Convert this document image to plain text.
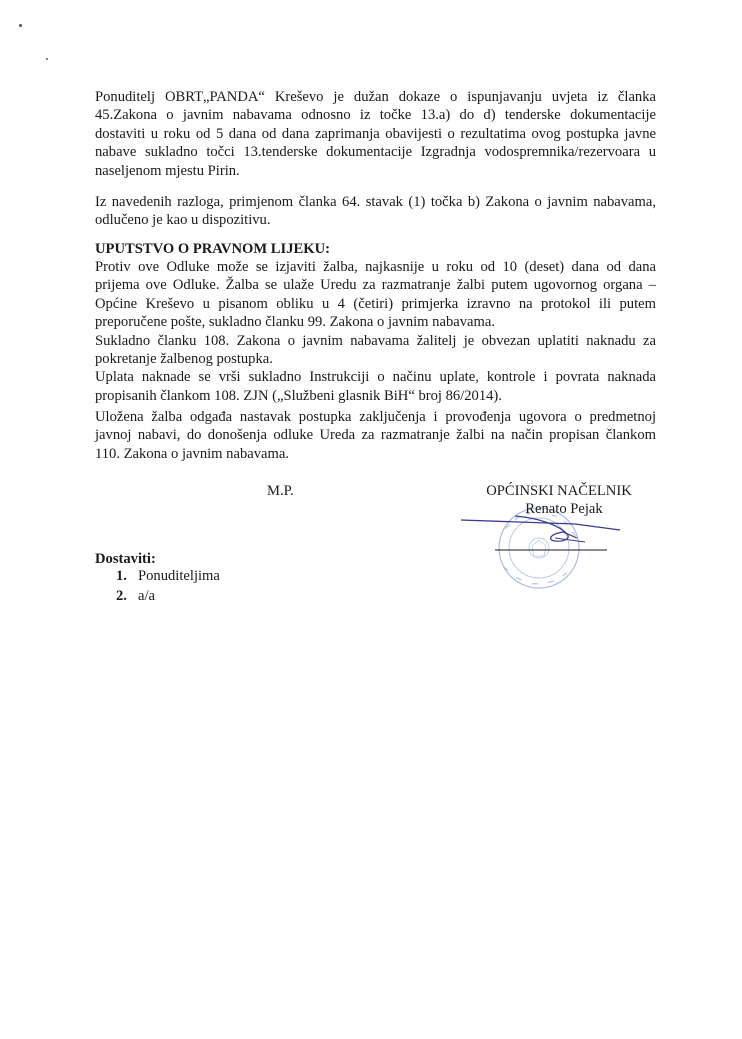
Ponuditelj OBRT„PANDA“ Kreševo je dužan dokaze o ispunjavanju uvjeta iz članka
45.Zakona o javnim nabavama odnosno iz točke 13.a) do d) tenderske dokumentacije
dostaviti u roku od 5 dana od dana zaprimanja obavijesti o rezultatima ovog postupka javne
nabave sukladno točci 13.tenderske dokumentacije Izgradnja vodospremnika/rezervoara u
naseljenom mjestu Pirin.

Iz navedenih razloga, primjenom članka 64. stavak (1) točka b) Zakona o javnim nabavama,
odlučeno je kao u dispozitivu.

UPUTSTVO O PRAVNOM LIJEKU:

Protiv ove Odluke može se izjaviti žalba, najkasnije u roku od 10 (deset) dana od dana
prijema ove Odluke. Žalba se ulaže Uredu za razmatranje žalbi putem ugovornog organa –
Općine Kreševo u pisanom obliku u 4 (četiri) primjerka izravno na protokol ili putem
preporučene pošte, sukladno članku 99. Zakona o javnim nabavama.
Sukladno članku 108. Zakona o javnim nabavama žalitelj je obvezan uplatiti naknadu za
pokretanje žalbenog postupka.
Uplata naknade se vrši sukladno Instrukciji o načinu uplate, kontrole i povrata naknada
propisanih člankom 108. ZJN („Službeni glasnik BiH“ broj 86/2014).

Uložena žalba odgađa nastavak postupka zaključenja i provođenja ugovora o predmetnoj
javnoj nabavi, do donošenja odluke Ureda za razmatranje žalbi na način propisan člankom
110. Zakona o javnim nabavama.

M.P.	OPĆINSKI NAČELNIK
Renato Pejak
Dostaviti:
1. Ponuditeljima
2. a/a
